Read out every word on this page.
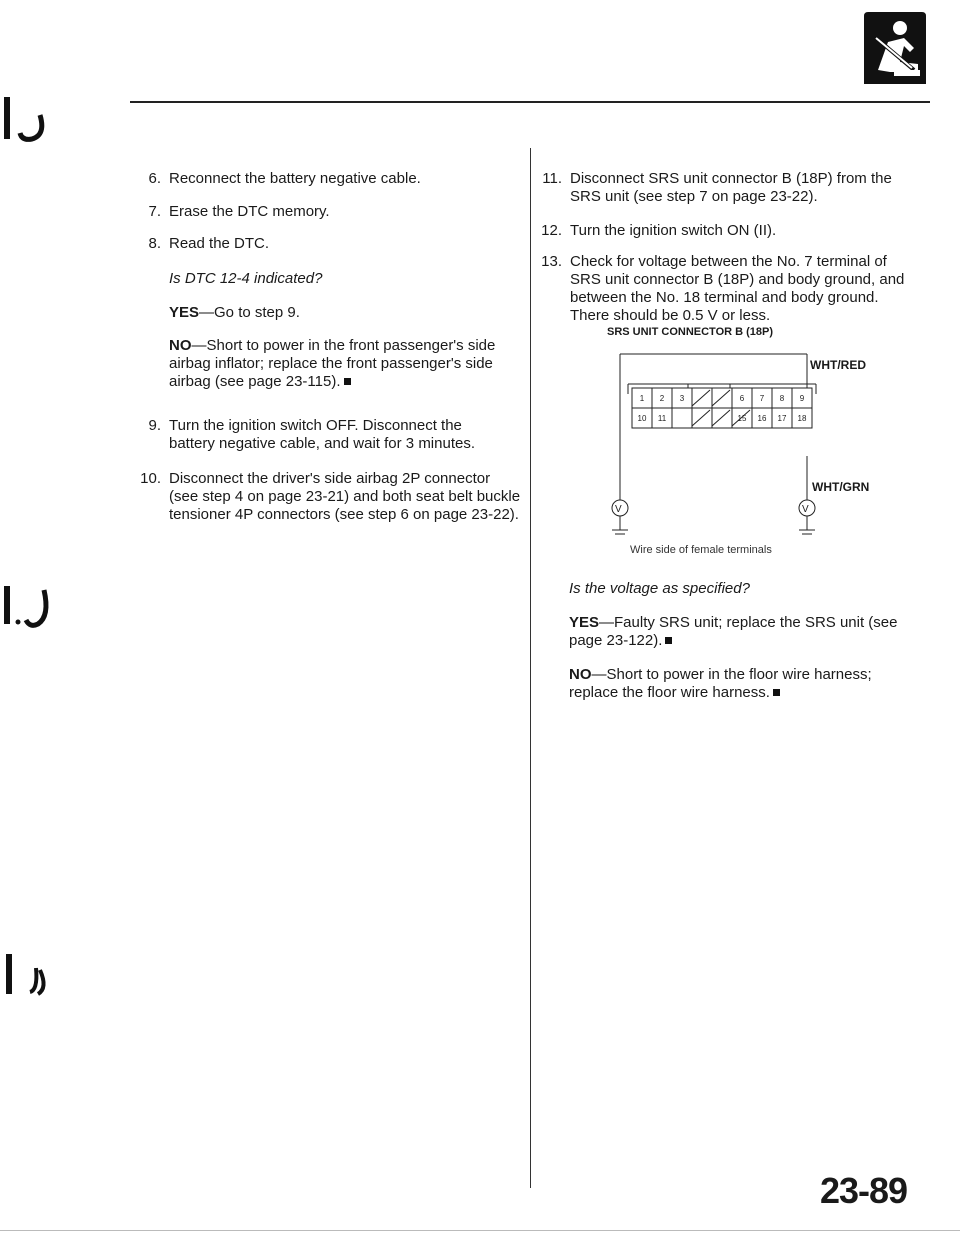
6. Reconnect the battery negative cable.
7. Erase the DTC memory.
8. Read the DTC.
Is DTC 12-4 indicated?
YES—Go to step 9.
NO—Short to power in the front passenger's side
airbag inflator; replace the front passenger's side
airbag (see page 23-115).
9. Turn the ignition switch OFF. Disconnect the
battery negative cable, and wait for 3 minutes.
10. Disconnect the driver's side airbag 2P connector
(see step 4 on page 23-21) and both seat belt buckle
tensioner 4P connectors (see step 6 on page 23-22).
11. Disconnect SRS unit connector B (18P) from the
SRS unit (see step 7 on page 23-22).
12. Turn the ignition switch ON (II).
13. Check for voltage between the No. 7 terminal of
SRS unit connector B (18P) and body ground, and
between the No. 18 terminal and body ground.
There should be 0.5 V or less.
SRS UNIT CONNECTOR B (18P)
V	V
1 2 3	6 7 8 9
10 11	15 16 17 18
WHT/RED
WHT/GRN
Wire side of female terminals
Is the voltage as specified?
YES—Faulty SRS unit; replace the SRS unit (see
page 23-122).
NO—Short to power in the floor wire harness;
replace the floor wire harness.
23-89
